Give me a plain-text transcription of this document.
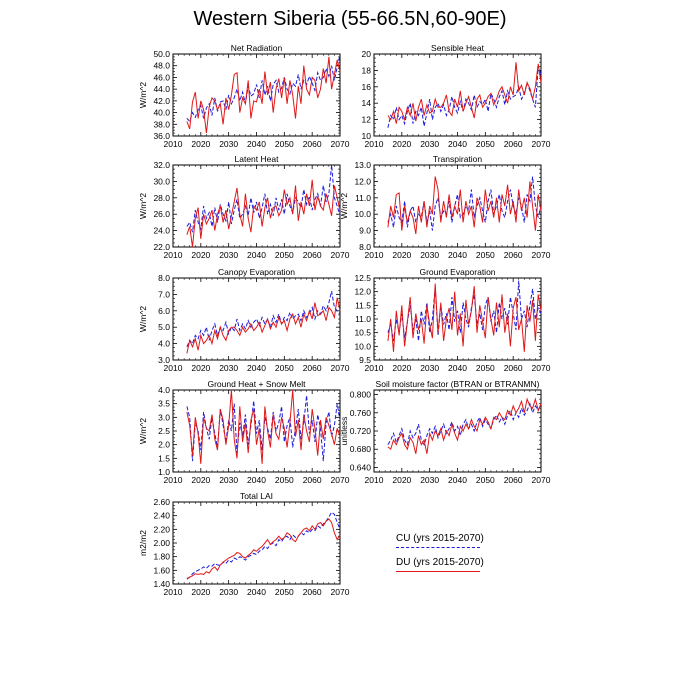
Western Siberia (55-66.5N,60-90E)
Net Radiation
36.0
38.0
40.0
42.0
44.0
46.0
48.0
50.0
2010 2020 2030 2040 2050 2060 2070
W/m^2
Sensible Heat
10
12
14
16
18
20
2010 2020 2030 2040 2050 2060 2070
Latent Heat
22.0
24.0
26.0
28.0
30.0
32.0
2010 2020 2030 2040 2050 2060 2070
W/m^2
Transpiration
8.0
9.0
10.0
11.0
12.0
13.0
2010 2020 2030 2040 2050 2060 2070
W/m^2
Canopy Evaporation
3.0
4.0
5.0
6.0
7.0
8.0
2010 2020 2030 2040 2050 2060 2070
W/m^2
Ground Evaporation
9.5
10.0
10.5
11.0
11.5
12.0
12.5
2010 2020 2030 2040 2050 2060 2070
Ground Heat + Snow Melt
1.0
1.5
2.0
2.5
3.0
3.5
4.0
2010 2020 2030 2040 2050 2060 2070
W/m^2
Soil moisture factor (BTRAN or BTRANMN)
0.640
0.680
0.720
0.760
0.800
2010 2020 2030 2040 2050 2060 2070
unitless
Total LAI
1.40
1.60
1.80
2.00
2.20
2.40
2.60
2010 2020 2030 2040 2050 2060 2070
m2/m2	CU (yrs 2015-2070)
DU (yrs 2015-2070)
